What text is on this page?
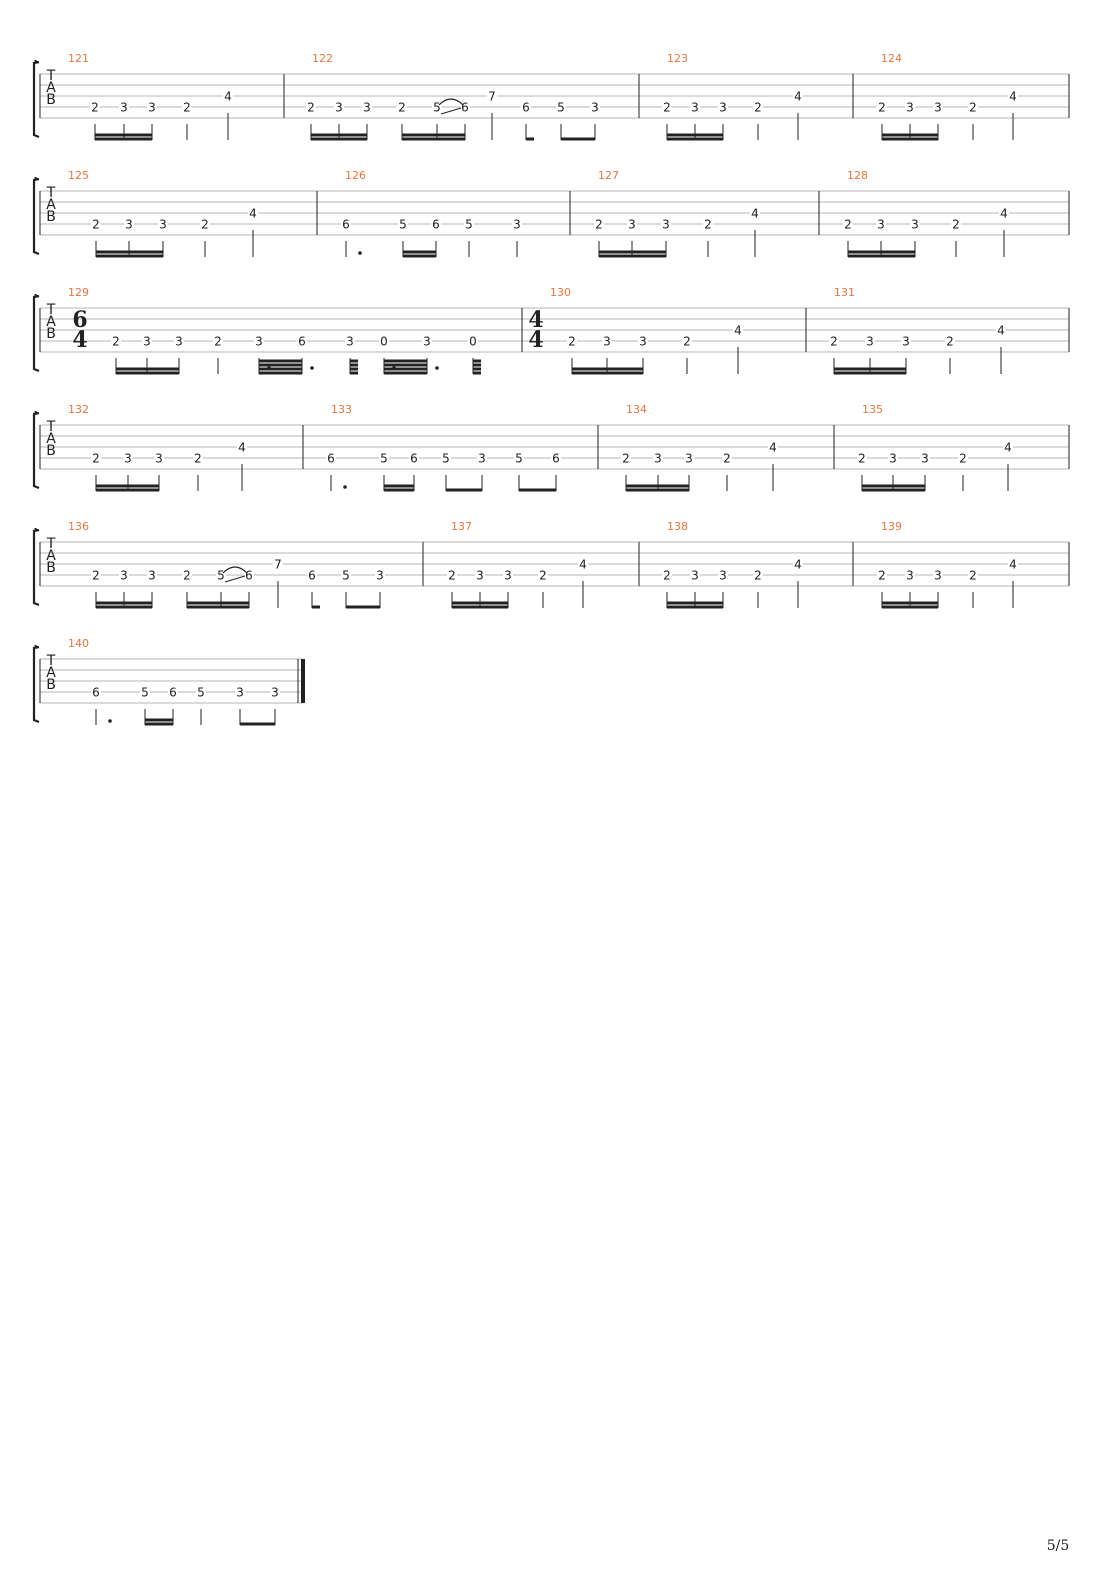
T
A
B
121
2 3 3 2
4
122
2 3 3 2 5 6
7
6 5 3
123
2 3 3 2
4
124
2 3 3 2
4
T
A
B
125
2 3 3	2
4
126
6	5 6 5	3
127
2 3 3	2
4
128
2 3 3	2
4
T
A
B
129
6
4 2 3 3	2	3	6	3 0	3	0
130
4
4 2 3 3	2
4
131
2 3 3	2
4
T
A
B
132
2 3 3	2
4
133
6	5 6 5 3 5 6
134
2 3 3	2
4
135
2 3 3	2
4
T
A
B
136
2 3 3 2 5 6
7
6 5 3
137
2 3 3 2
4
138
2 3 3 2
4
139
2 3 3 2
4
T
A
B
140
6	5 6 5	3 3
5/5
